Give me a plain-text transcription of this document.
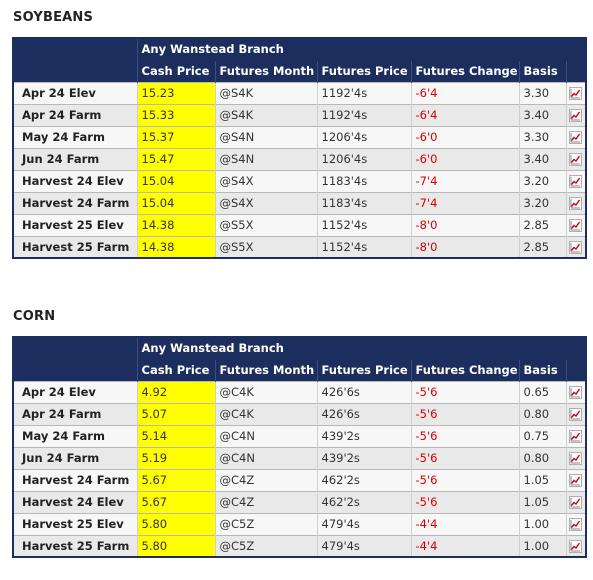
SOYBEANS
	Any Wanstead Branch					
	Cash Price	Futures Month	Futures Price	Futures Change	Basis	
Apr 24 Elev	15.23	@S4K	1192'4s	-6'4	3.30	
Apr 24 Farm	15.33	@S4K	1192'4s	-6'4	3.40	
May 24 Farm	15.37	@S4N	1206'4s	-6'0	3.30	
Jun 24 Farm	15.47	@S4N	1206'4s	-6'0	3.40	
Harvest 24 Elev	15.04	@S4X	1183'4s	-7'4	3.20	
Harvest 24 Farm	15.04	@S4X	1183'4s	-7'4	3.20	
Harvest 25 Elev	14.38	@S5X	1152'4s	-8'0	2.85	
Harvest 25 Farm	14.38	@S5X	1152'4s	-8'0	2.85	
CORN
	Any Wanstead Branch					
	Cash Price	Futures Month	Futures Price	Futures Change	Basis	
Apr 24 Elev	4.92	@C4K	426'6s	-5'6	0.65	
Apr 24 Farm	5.07	@C4K	426'6s	-5'6	0.80	
May 24 Farm	5.14	@C4N	439'2s	-5'6	0.75	
Jun 24 Farm	5.19	@C4N	439'2s	-5'6	0.80	
Harvest 24 Farm	5.67	@C4Z	462'2s	-5'6	1.05	
Harvest 24 Elev	5.67	@C4Z	462'2s	-5'6	1.05	
Harvest 25 Elev	5.80	@C5Z	479'4s	-4'4	1.00	
Harvest 25 Farm	5.80	@C5Z	479'4s	-4'4	1.00	
